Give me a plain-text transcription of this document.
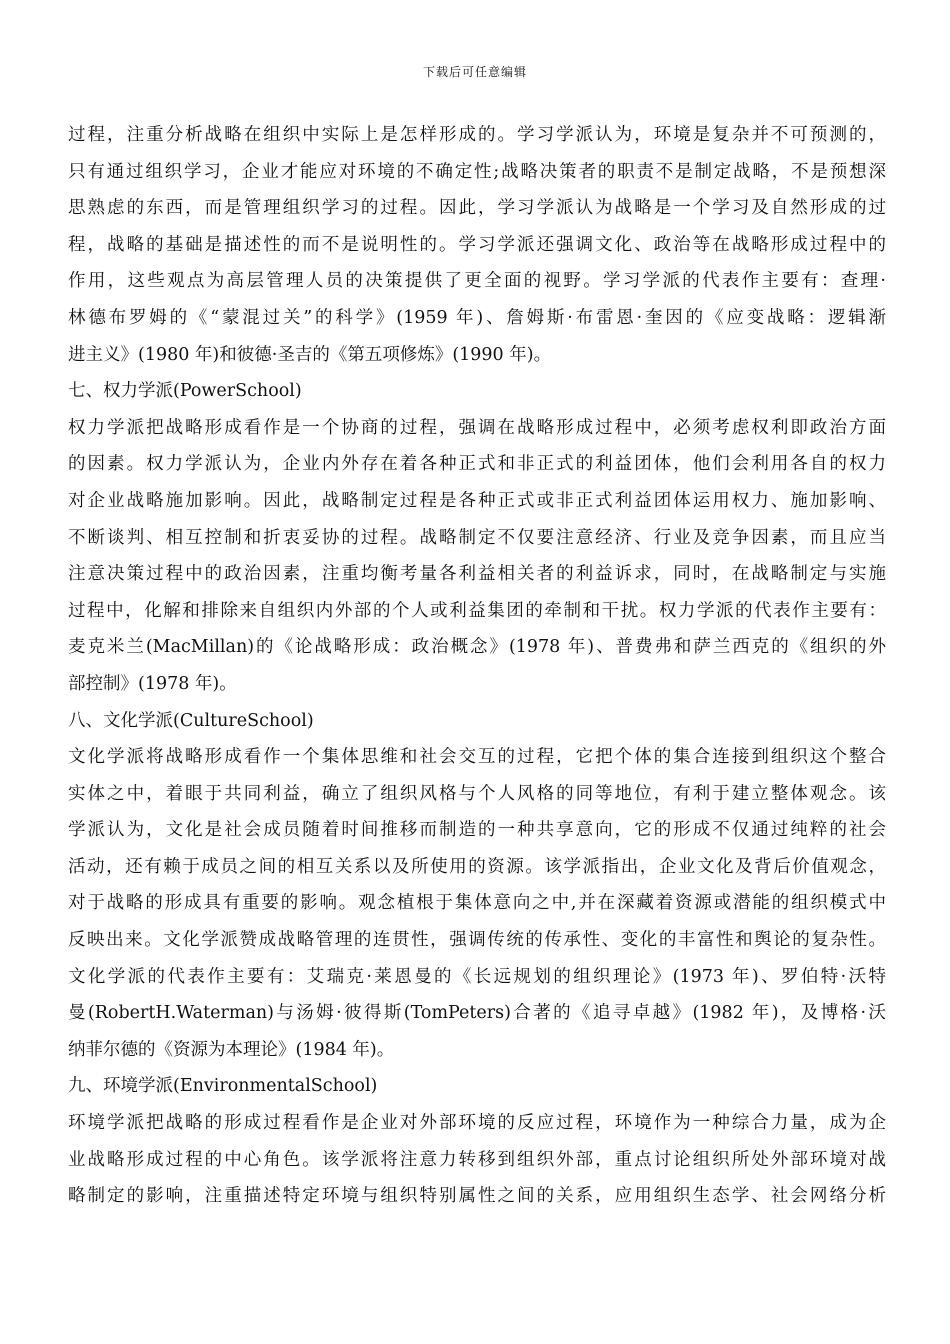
下载后可任意编辑
过程，注重分析战略在组织中实际上是怎样形成的。学习学派认为，环境是复杂并不可预测的，
只有通过组织学习，企业才能应对环境的不确定性;战略决策者的职责不是制定战略，不是预想深
思熟虑的东西，而是管理组织学习的过程。因此，学习学派认为战略是一个学习及自然形成的过
程，战略的基础是描述性的而不是说明性的。学习学派还强调文化、政治等在战略形成过程中的
作用，这些观点为高层管理人员的决策提供了更全面的视野。学习学派的代表作主要有：查理·
林德布罗姆的《“蒙混过关”的科学》(1959 年)、詹姆斯·布雷恩·奎因的《应变战略：逻辑渐
进主义》(1980 年)和彼德·圣吉的《第五项修炼》(1990 年)。
七、权力学派(PowerSchool)
权力学派把战略形成看作是一个协商的过程，强调在战略形成过程中，必须考虑权利即政治方面
的因素。权力学派认为，企业内外存在着各种正式和非正式的利益团体，他们会利用各自的权力
对企业战略施加影响。因此，战略制定过程是各种正式或非正式利益团体运用权力、施加影响、
不断谈判、相互控制和折衷妥协的过程。战略制定不仅要注意经济、行业及竞争因素，而且应当
注意决策过程中的政治因素，注重均衡考量各利益相关者的利益诉求，同时，在战略制定与实施
过程中，化解和排除来自组织内外部的个人或利益集团的牵制和干扰。权力学派的代表作主要有：
麦克米兰(MacMillan)的《论战略形成：政治概念》(1978 年)、普费弗和萨兰西克的《组织的外
部控制》(1978 年)。
八、文化学派(CultureSchool)
文化学派将战略形成看作一个集体思维和社会交互的过程，它把个体的集合连接到组织这个整合
实体之中，着眼于共同利益，确立了组织风格与个人风格的同等地位，有利于建立整体观念。该
学派认为，文化是社会成员随着时间推移而制造的一种共享意向，它的形成不仅通过纯粹的社会
活动，还有赖于成员之间的相互关系以及所使用的资源。该学派指出，企业文化及背后价值观念，
对于战略的形成具有重要的影响。观念植根于集体意向之中,并在深藏着资源或潜能的组织模式中
反映出来。文化学派赞成战略管理的连贯性，强调传统的传承性、变化的丰富性和舆论的复杂性。
文化学派的代表作主要有：艾瑞克·莱恩曼的《长远规划的组织理论》(1973 年)、罗伯特·沃特
曼(RobertH.Waterman)与汤姆·彼得斯(TomPeters)合著的《追寻卓越》(1982 年)，及博格·沃
纳菲尔德的《资源为本理论》(1984 年)。
九、环境学派(EnvironmentalSchool)
环境学派把战略的形成过程看作是企业对外部环境的反应过程，环境作为一种综合力量，成为企
业战略形成过程的中心角色。该学派将注意力转移到组织外部，重点讨论组织所处外部环境对战
略制定的影响，注重描述特定环境与组织特别属性之间的关系，应用组织生态学、社会网络分析
